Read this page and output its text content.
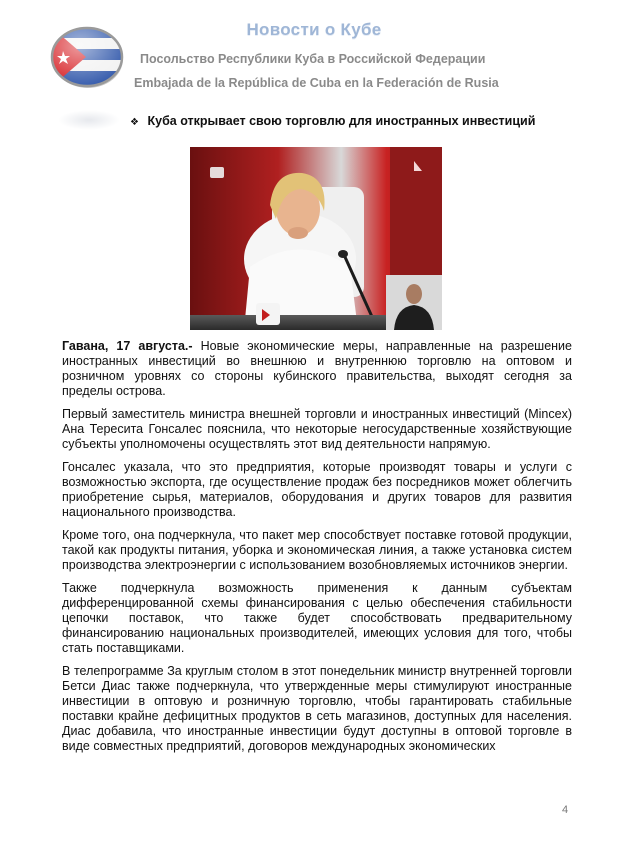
Новости о Кубе
Посольство Республики Куба в Российской Федерации
Embajada de la República de Cuba en la Federación de Rusia
❖ Куба открывает свою торговлю для иностранных инвестиций

Гавана, 17 августа.- Новые экономические меры, направленные на разрешение иностранных инвестиций во внешнюю и внутреннюю торговлю на оптовом и розничном уровнях со стороны кубинского правительства, выходят сегодня за пределы острова.

Первый заместитель министра внешней торговли и иностранных инвестиций (Mincex) Ана Тересита Гонсалес пояснила, что некоторые негосударственные хозяйствующие субъекты уполномочены осуществлять этот вид деятельности напрямую.

Гонсалес указала, что это предприятия, которые производят товары и услуги с возможностью экспорта, где осуществление продаж без посредников может облегчить приобретение сырья, материалов, оборудования и других товаров для развития национального производства.

Кроме того, она подчеркнула, что пакет мер способствует поставке готовой продукции, такой как продукты питания, уборка и экономическая линия, а также установка систем производства электроэнергии с использованием возобновляемых источников энергии.

Также подчеркнула возможность применения к данным субъектам дифференцированной схемы финансирования с целью обеспечения стабильности цепочки поставок, что также будет способствовать предварительному финансированию национальных производителей, имеющих условия для того, чтобы стать поставщиками.

В телепрограмме За круглым столом в этот понедельник министр внутренней торговли Бетси Диас также подчеркнула, что утвержденные меры стимулируют иностранные инвестиции в оптовую и розничную торговлю, чтобы гарантировать стабильные поставки крайне дефицитных продуктов в сеть магазинов, доступных для населения. Диас добавила, что иностранные инвестиции будут доступны в оптовой торговле в виде совместных предприятий, договоров международных экономических

4
